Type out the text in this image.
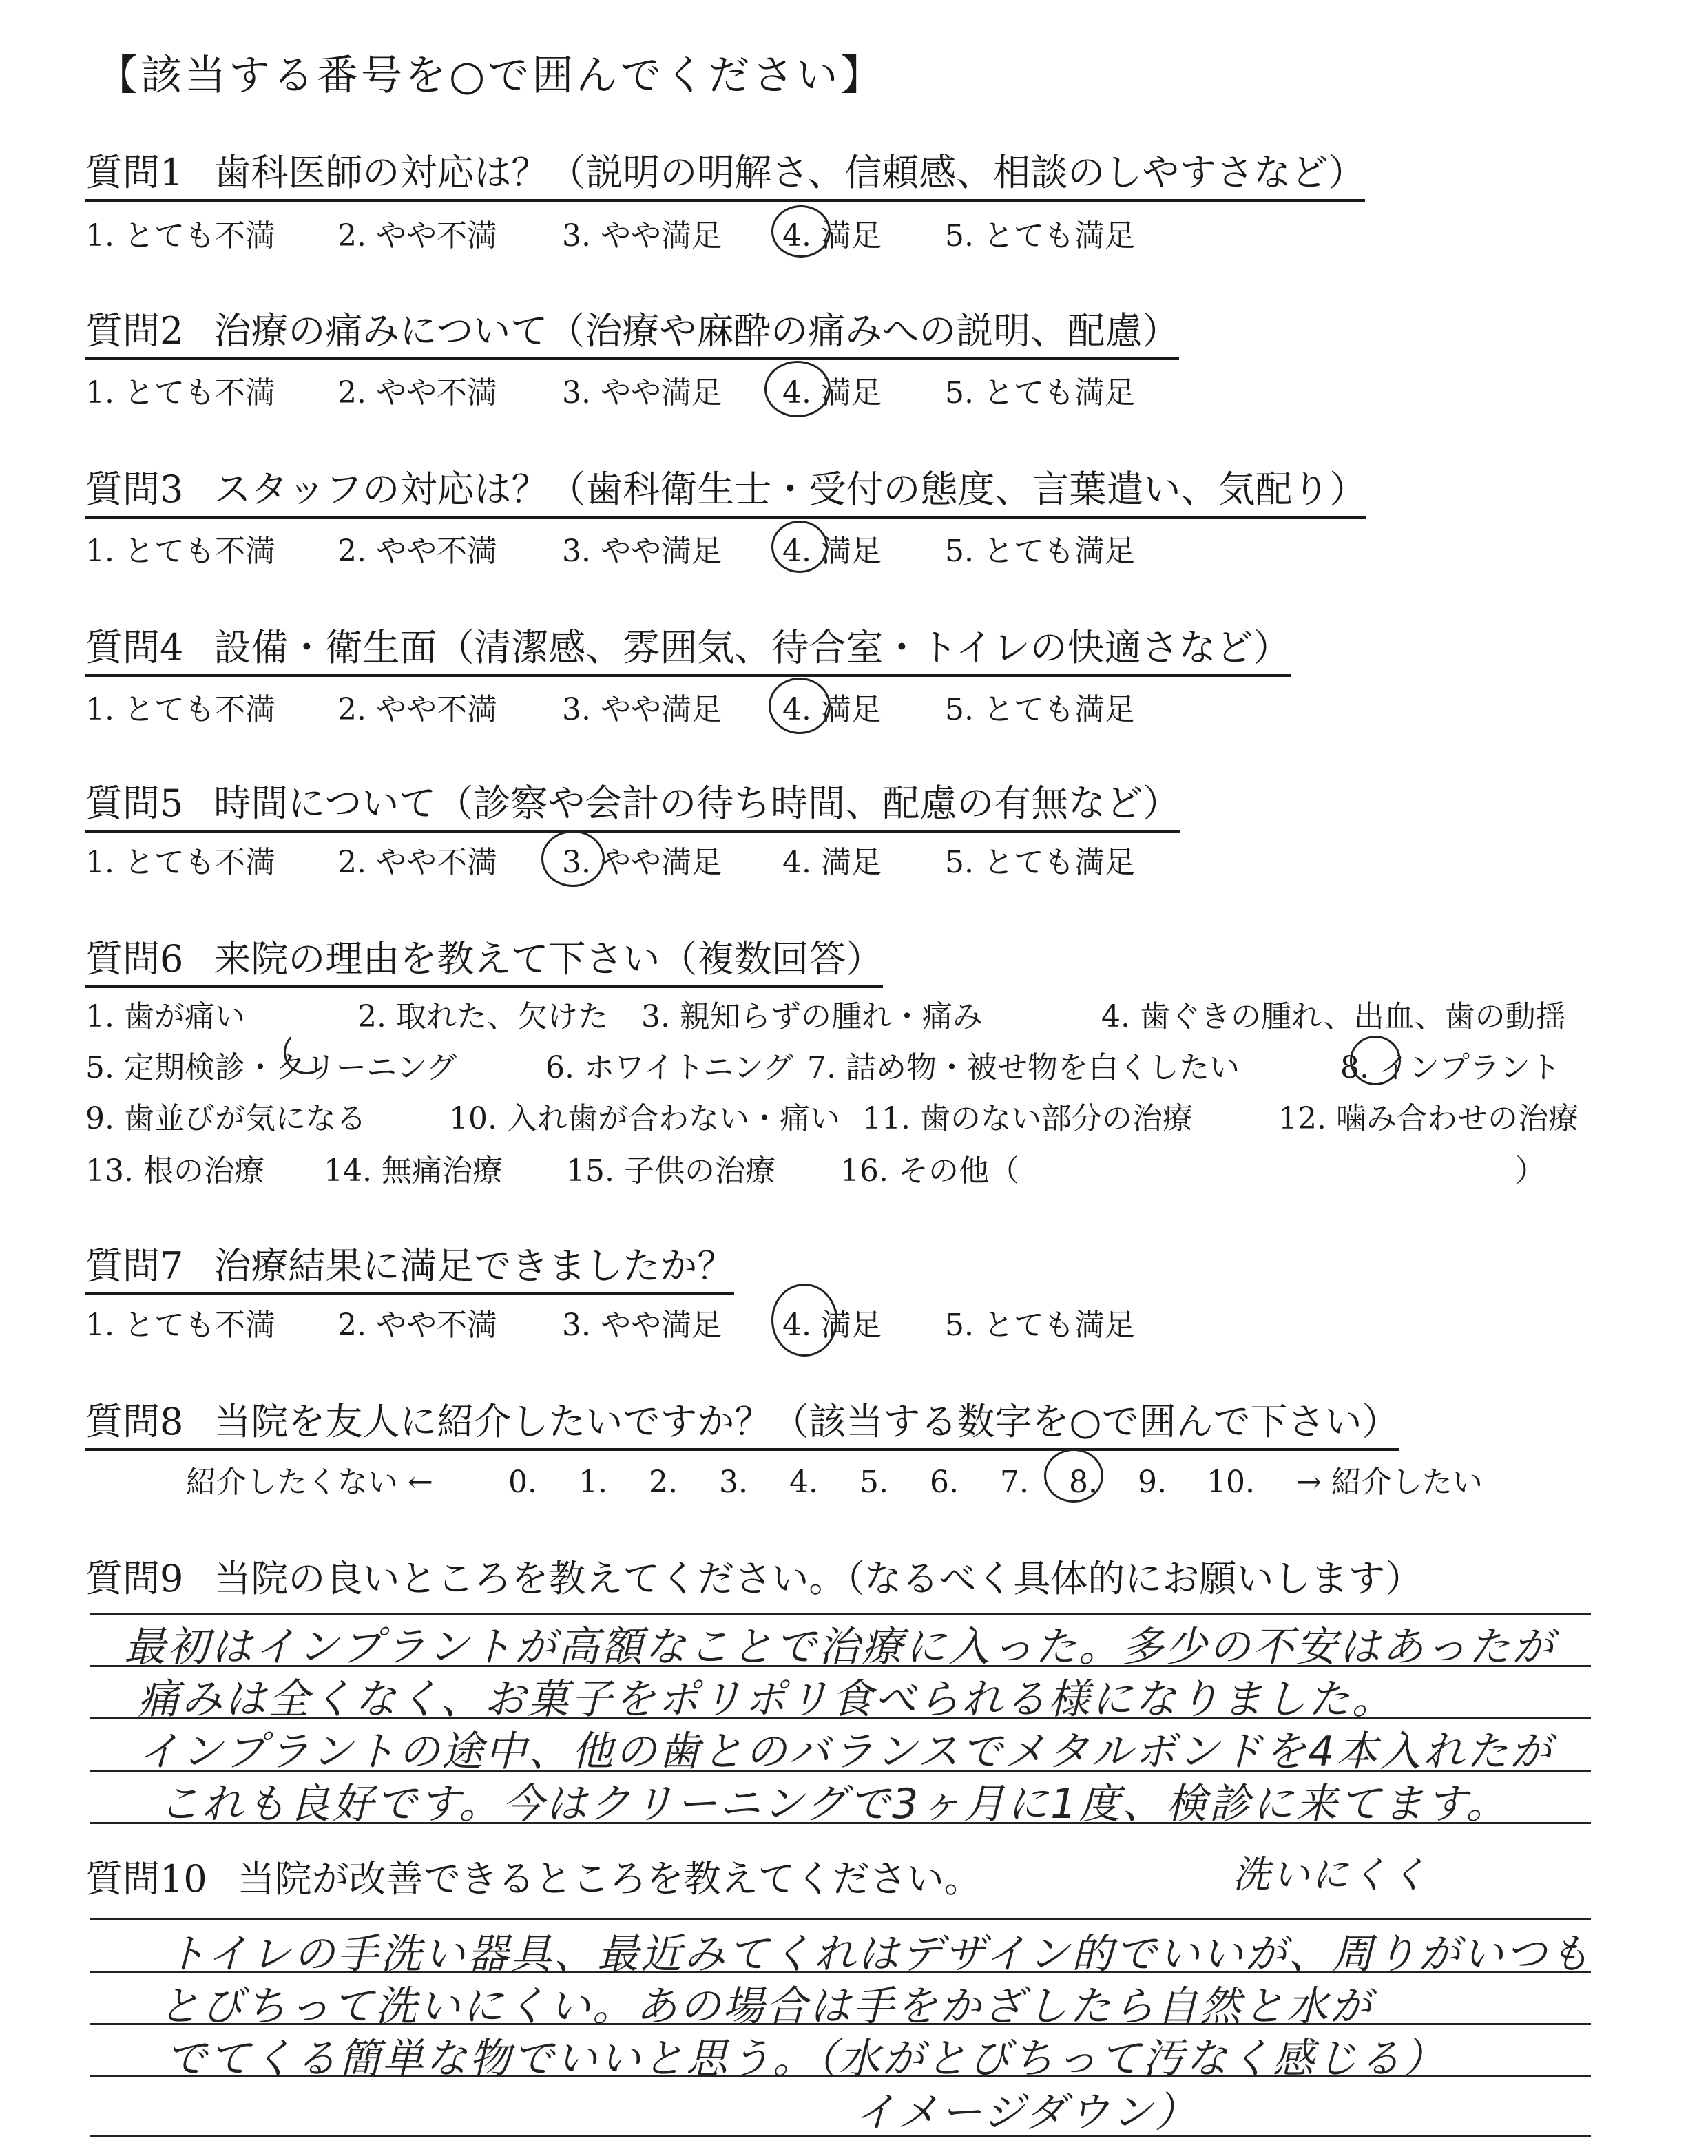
【該当する番号を○で囲んでください】
質問1 歯科医師の対応は？（説明の明解さ、信頼感、相談のしやすさなど）
1. とても不満 2. やや不満 3. やや満足 4. 満足 5. とても満足
質問2 治療の痛みについて（治療や麻酔の痛みへの説明、配慮）
1. とても不満 2. やや不満 3. やや満足 4. 満足 5. とても満足
質問3 スタッフの対応は？（歯科衛生士・受付の態度、言葉遣い、気配り）
1. とても不満 2. やや不満 3. やや満足 4. 満足 5. とても満足
質問4 設備・衛生面（清潔感、雰囲気、待合室・トイレの快適さなど）
1. とても不満 2. やや不満 3. やや満足 4. 満足 5. とても満足
質問5 時間について（診察や会計の待ち時間、配慮の有無など）
1. とても不満 2. やや不満 3. やや満足 4. 満足 5. とても満足
質問6 来院の理由を教えて下さい（複数回答）
1. 歯が痛い	2. 取れた、欠けた 3. 親知らずの腫れ・痛み	4. 歯ぐきの腫れ、出血、歯の動揺
5. 定期検診・クリーニング	6. ホワイトニング 7. 詰め物・被せ物を白くしたい	8. インプラント
9. 歯並びが気になる	10. 入れ歯が合わない・痛い 11. 歯のない部分の治療	12. 噛み合わせの治療
13. 根の治療 14. 無痛治療 15. 子供の治療 16. その他（	）
質問7 治療結果に満足できましたか？
1. とても不満 2. やや不満 3. やや満足 4. 満足 5. とても満足
質問8 当院を友人に紹介したいですか？（該当する数字を○で囲んで下さい）
紹介したくない ← 0. 1. 2. 3. 4. 5. 6. 7. 8. 9. 10. → 紹介したい
質問9 当院の良いところを教えてください。（なるべく具体的にお願いします）
最初はインプラントが高額なことで治療に入った。多少の不安はあったが
痛みは全くなく、お菓子をポリポリ食べられる様になりました。
インプラントの途中、他の歯とのバランスでメタルボンドを4本入れたが
これも良好です。今はクリーニングで3ヶ月に1度、検診に来てます。
質問10 当院が改善できるところを教えてください。	洗いにくく
トイレの手洗い器具、最近みてくれはデザイン的でいいが、周りがいつも
とびちって洗いにくい。あの場合は手をかざしたら自然と水が
でてくる簡単な物でいいと思う。（水がとびちって汚なく感じる）
イメージダウン）
